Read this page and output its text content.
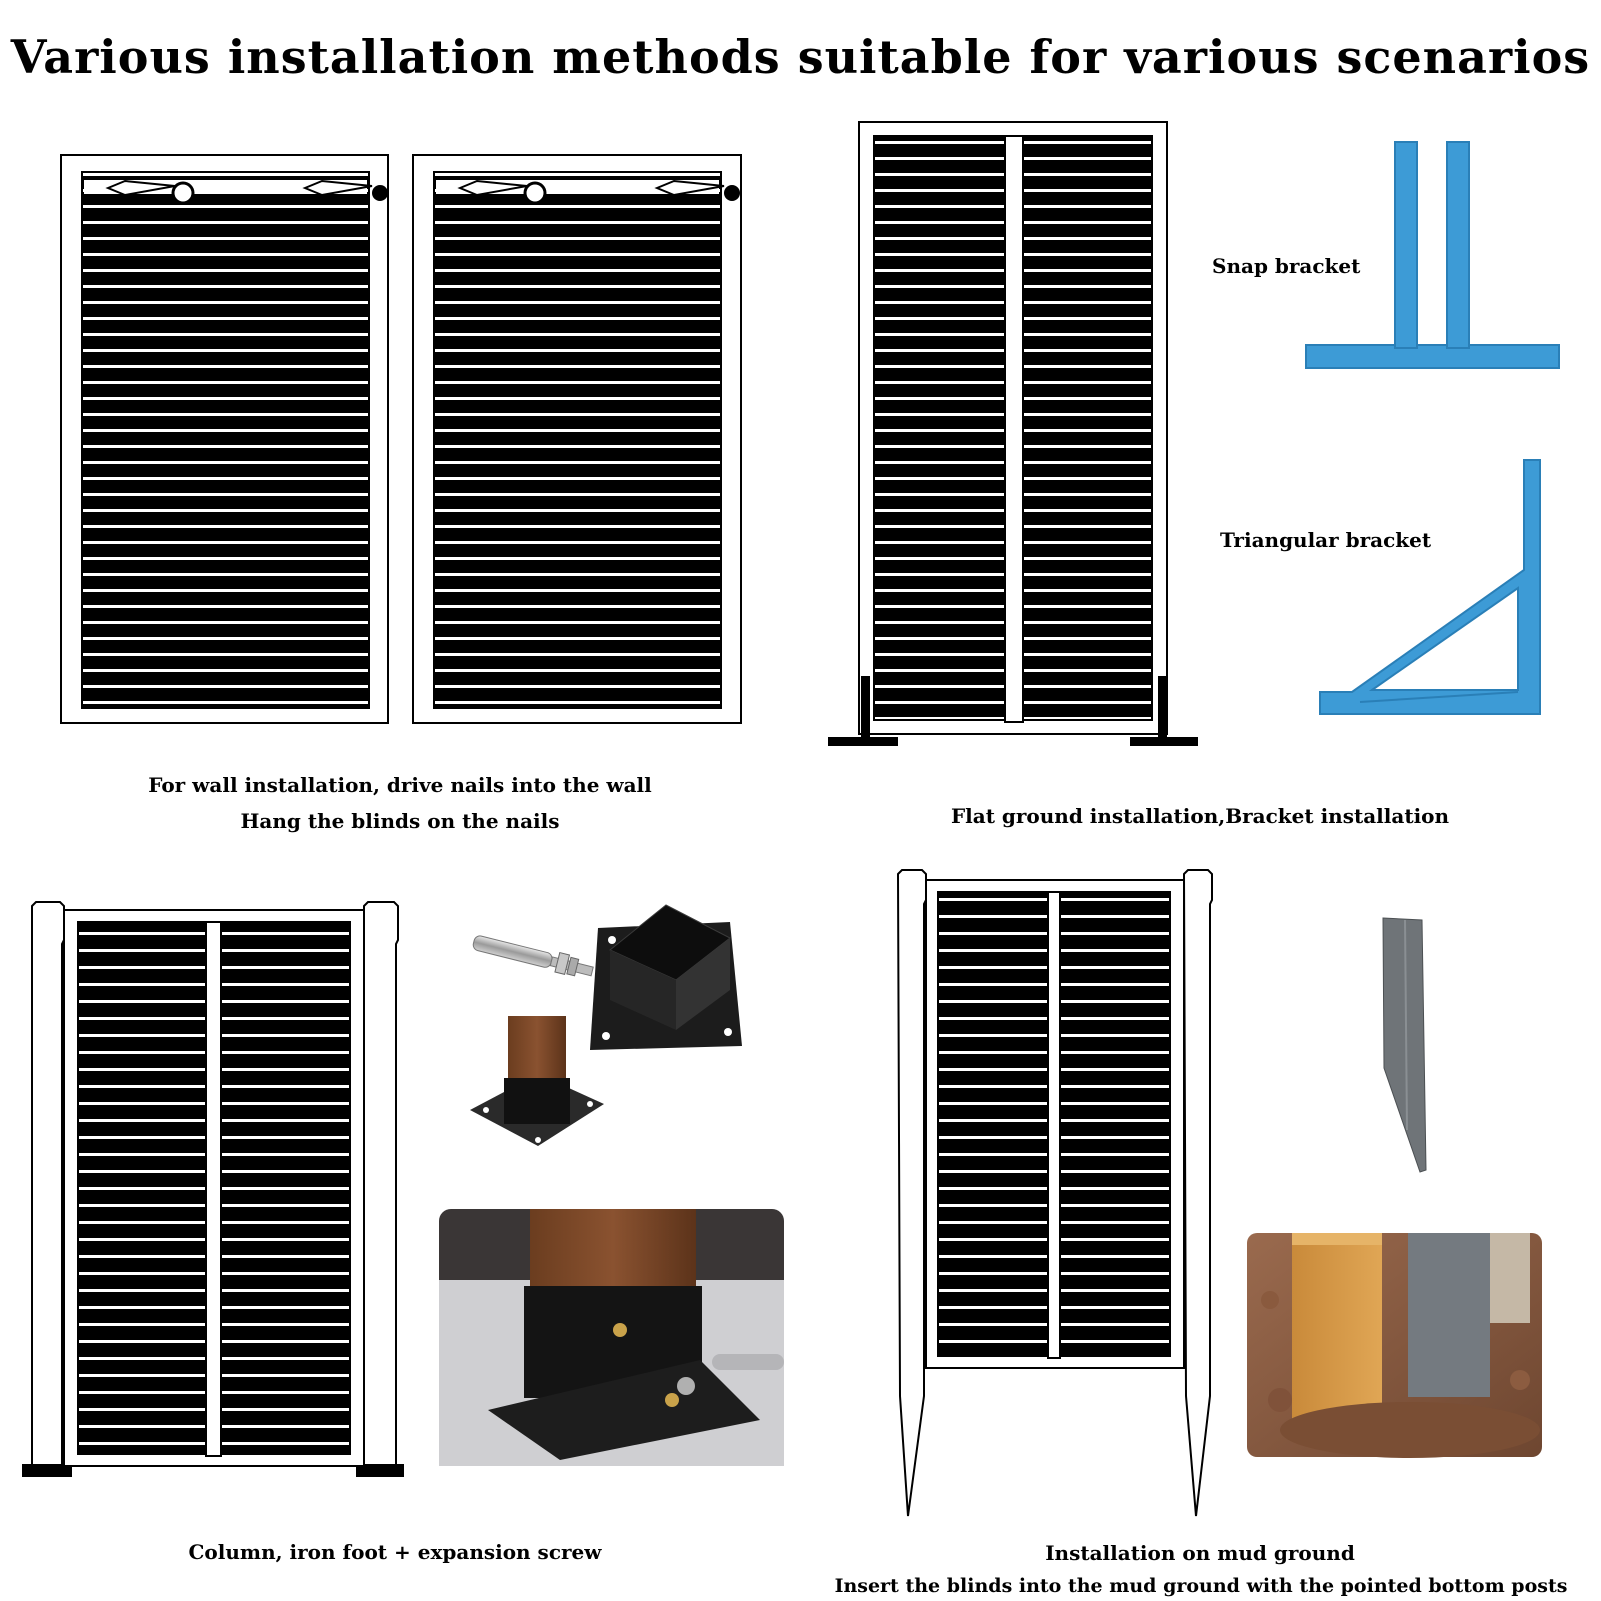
Various installation methods suitable for various scenarios
For wall installation, drive nails into the wall
Hang the blinds on the nails
Snap bracket
Triangular bracket
Flat ground installation,Bracket installation
Column, iron foot + expansion screw	Installation on mud ground
Insert the blinds into the mud ground with the pointed bottom posts
